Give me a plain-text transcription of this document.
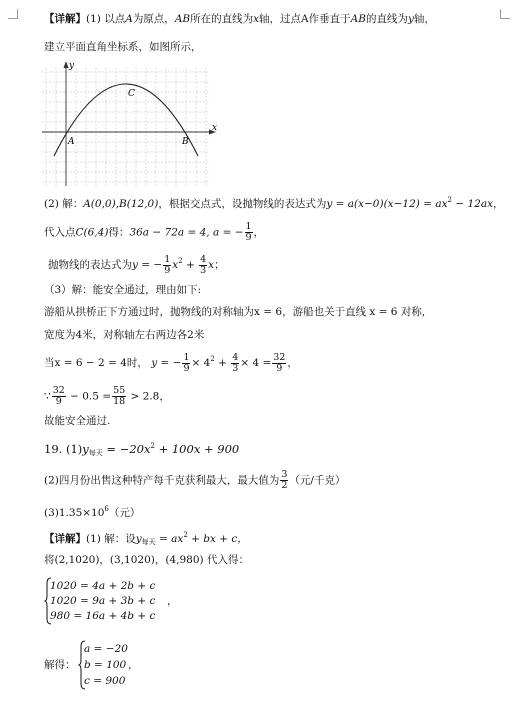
【详解】(1) 以点A为原点，AB所在的直线为x轴，过点A作垂直于AB的直线为y轴，
建立平面直角坐标系，如图所示，
y
x
C
A	B
(2) 解：A(0,0),B(12,0)，根据交点式，设抛物线的表达式为$y = a(x-0)(x-12) = ax^2 - 12ax$，
代入点C(6,4)得：36a − 72a = 4, a = − $\frac{1}{9}$ ，
抛物线的表达式为y = − $\frac{1}{9} x^2 + \frac{4}{3}$ x；
（3）解：能安全通过，理由如下:
游船从拱桥正下方通过时，抛物线的对称轴为x = 6，游船也关于直线 x = 6 对称,
宽度为4米，对称轴左右两边各2米
当x = 6 − 2 = 4时， y = − $\frac{1}{9} \times 4^2 + \frac{4}{3} \times 4 = \frac{32}{9}$ ，
∵ $\frac{32}{9} - 0.5 = \frac{55}{18} > 2.8$，
故能安全通过.
19. $(1)y_{每天} = -20x^2 + 100x + 900$
(2)四月份出售这种特产每千克获利最大，最大值为 $\frac{3}{2}$ （元/千克）
$(3)1.35\times 10^6$（元）
【详解】(1) 解：设$y_{每天} = ax^2$ + bx + c，
将(2,1020)，(3,1020)，(4,980) 代入得：
1020 = 4a + 2b + c
1020 = 9a + 3b + c
980 = 16a + 4b + c
，
解得：
a = −20
b = 100
c = 900
，
